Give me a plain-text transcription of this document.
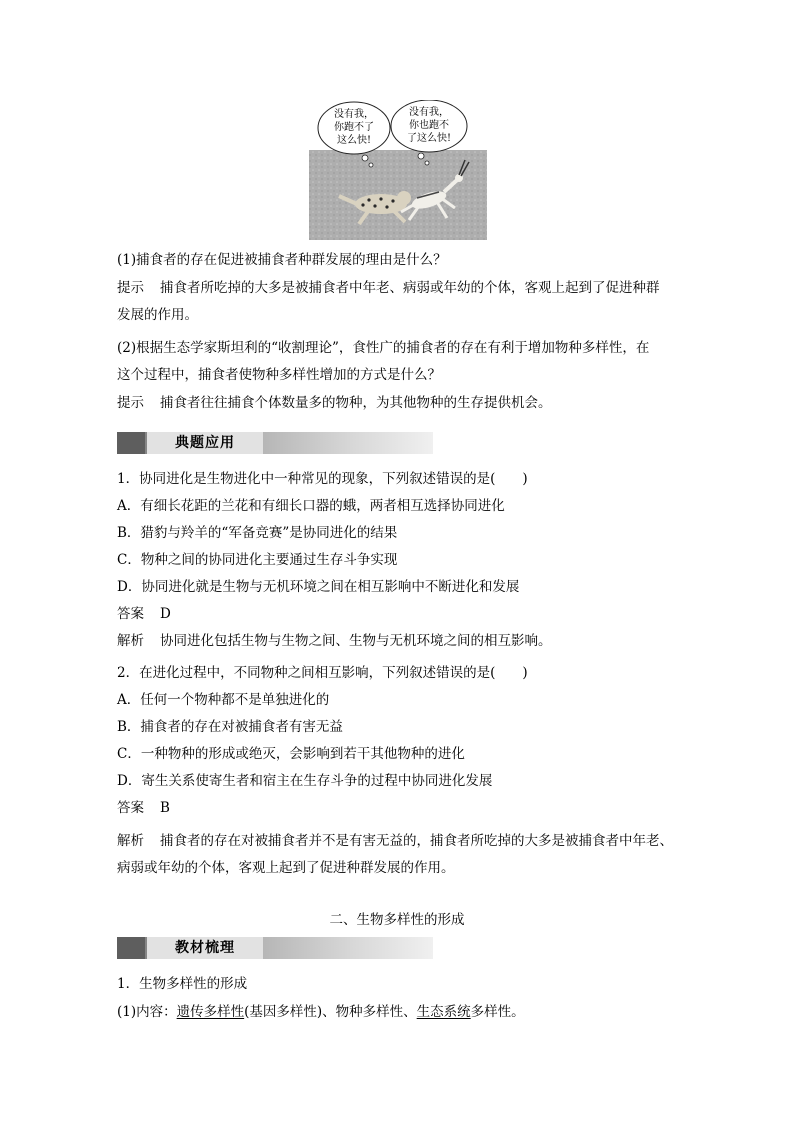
没有我，
你跑不了
这么快!
没有我，
你也跑不
了这么快!
(1)捕食者的存在促进被捕食者种群发展的理由是什么？
提示 捕食者所吃掉的大多是被捕食者中年老、病弱或年幼的个体，客观上起到了促进种群
发展的作用。
(2)根据生态学家斯坦利的“收割理论”，食性广的捕食者的存在有利于增加物种多样性，在
这个过程中，捕食者使物种多样性增加的方式是什么？
提示 捕食者往往捕食个体数量多的物种，为其他物种的生存提供机会。
典题应用
1．协同进化是生物进化中一种常见的现象，下列叙述错误的是(　　)
A．有细长花距的兰花和有细长口器的蛾，两者相互选择协同进化
B．猎豹与羚羊的“军备竞赛”是协同进化的结果
C．物种之间的协同进化主要通过生存斗争实现
D．协同进化就是生物与无机环境之间在相互影响中不断进化和发展
答案 D
解析 协同进化包括生物与生物之间、生物与无机环境之间的相互影响。
2．在进化过程中，不同物种之间相互影响，下列叙述错误的是(　　)
A．任何一个物种都不是单独进化的
B．捕食者的存在对被捕食者有害无益
C．一种物种的形成或绝灭，会影响到若干其他物种的进化
D．寄生关系使寄生者和宿主在生存斗争的过程中协同进化发展
答案 B
解析 捕食者的存在对被捕食者并不是有害无益的，捕食者所吃掉的大多是被捕食者中年老、
病弱或年幼的个体，客观上起到了促进种群发展的作用。
二、生物多样性的形成
教材梳理
1．生物多样性的形成
(1)内容：遗传多样性(基因多样性)、物种多样性、生态系统多样性。
